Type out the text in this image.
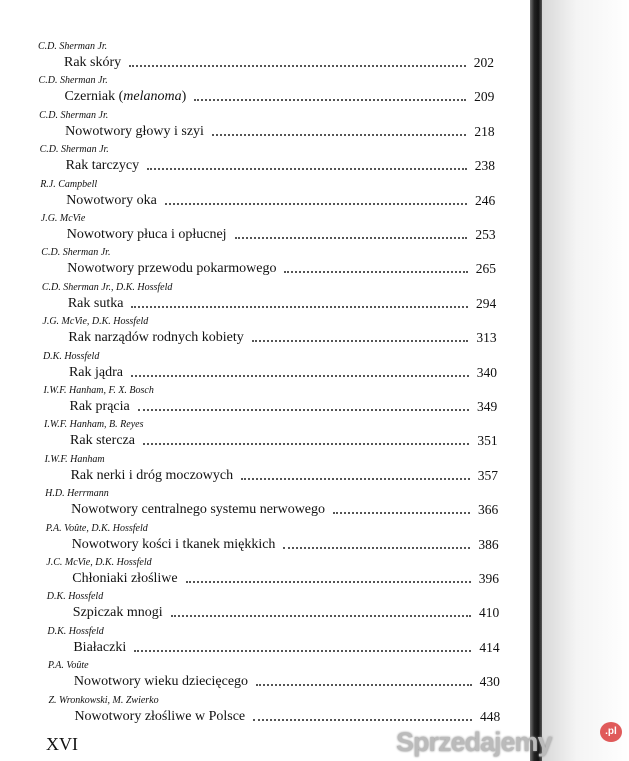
C.D. Sherman Jr.
Rak skóry	202
C.D. Sherman Jr.
Czerniak (melanoma)	209
C.D. Sherman Jr.
Nowotwory głowy i szyi	218
C.D. Sherman Jr.
Rak tarczycy	238
R.J. Campbell
Nowotwory oka	246
J.G. McVie
Nowotwory płuca i opłucnej	253
C.D. Sherman Jr.
Nowotwory przewodu pokarmowego	265
C.D. Sherman Jr., D.K. Hossfeld
Rak sutka	294
J.G. McVie, D.K. Hossfeld
Rak narządów rodnych kobiety	313
D.K. Hossfeld
Rak jądra	340
I.W.F. Hanham, F. X. Bosch
Rak prącia	349
I.W.F. Hanham, B. Reyes
Rak stercza	351
I.W.F. Hanham
Rak nerki i dróg moczowych	357
H.D. Herrmann
Nowotwory centralnego systemu nerwowego	366
P.A. Voûte, D.K. Hossfeld
Nowotwory kości i tkanek miękkich	386
J.C. McVie, D.K. Hossfeld
Chłoniaki złośliwe	396
D.K. Hossfeld
Szpiczak mnogi	410
D.K. Hossfeld
Białaczki	414
P.A. Voûte
Nowotwory wieku dziecięcego	430
Z. Wronkowski, M. Zwierko
Nowotwory złośliwe w Polsce	448
XVI	Sprzedajemy	.pl
